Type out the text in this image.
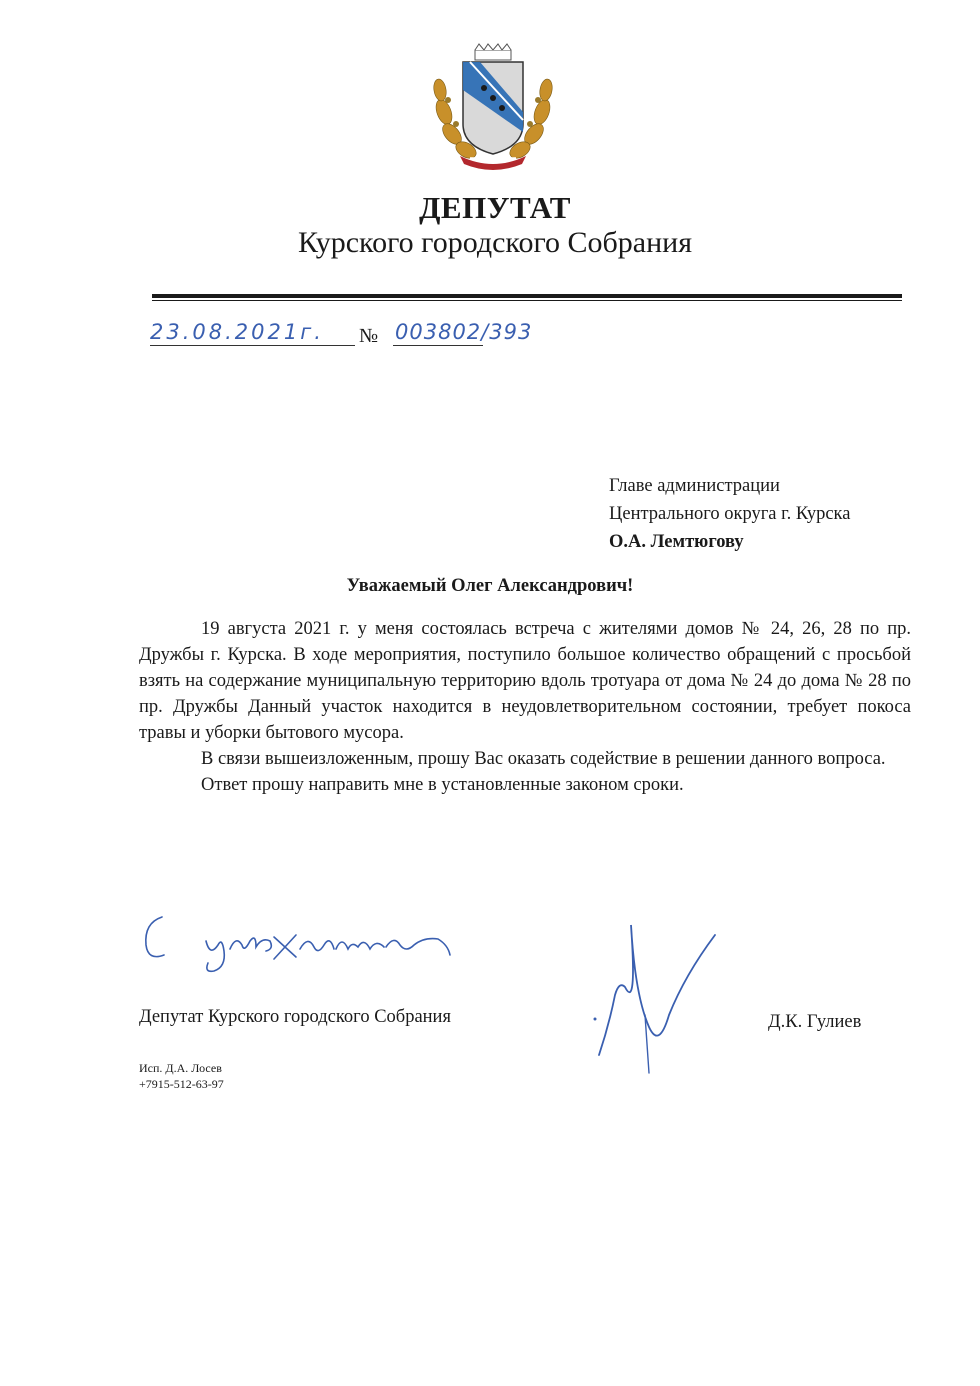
ДЕПУТАТ
Курского городского Собрания
23.08.2021г.	№ 003802/393
Главе администрации
Центрального округа г. Курска
О.А. Лемтюгову
Уважаемый Олег Александрович!

19 августа 2021 г. у меня состоялась встреча с жителями домов № 24, 26, 28 по пр. Дружбы г. Курска. В ходе мероприятия, поступило большое количество обращений с просьбой взять на содержание муниципальную территорию вдоль тротуара от дома № 24 до дома № 28 по пр. Дружбы Данный участок находится в неудовлетворительном состоянии, требует покоса травы и уборки бытового мусора.

В связи вышеизложенным, прошу Вас оказать содействие в решении данного вопроса.

Ответ прошу направить мне в установленные законом сроки.

Депутат Курского городского Собрания	Д.К. Гулиев
Исп. Д.А. Лосев
+7915-512-63-97
